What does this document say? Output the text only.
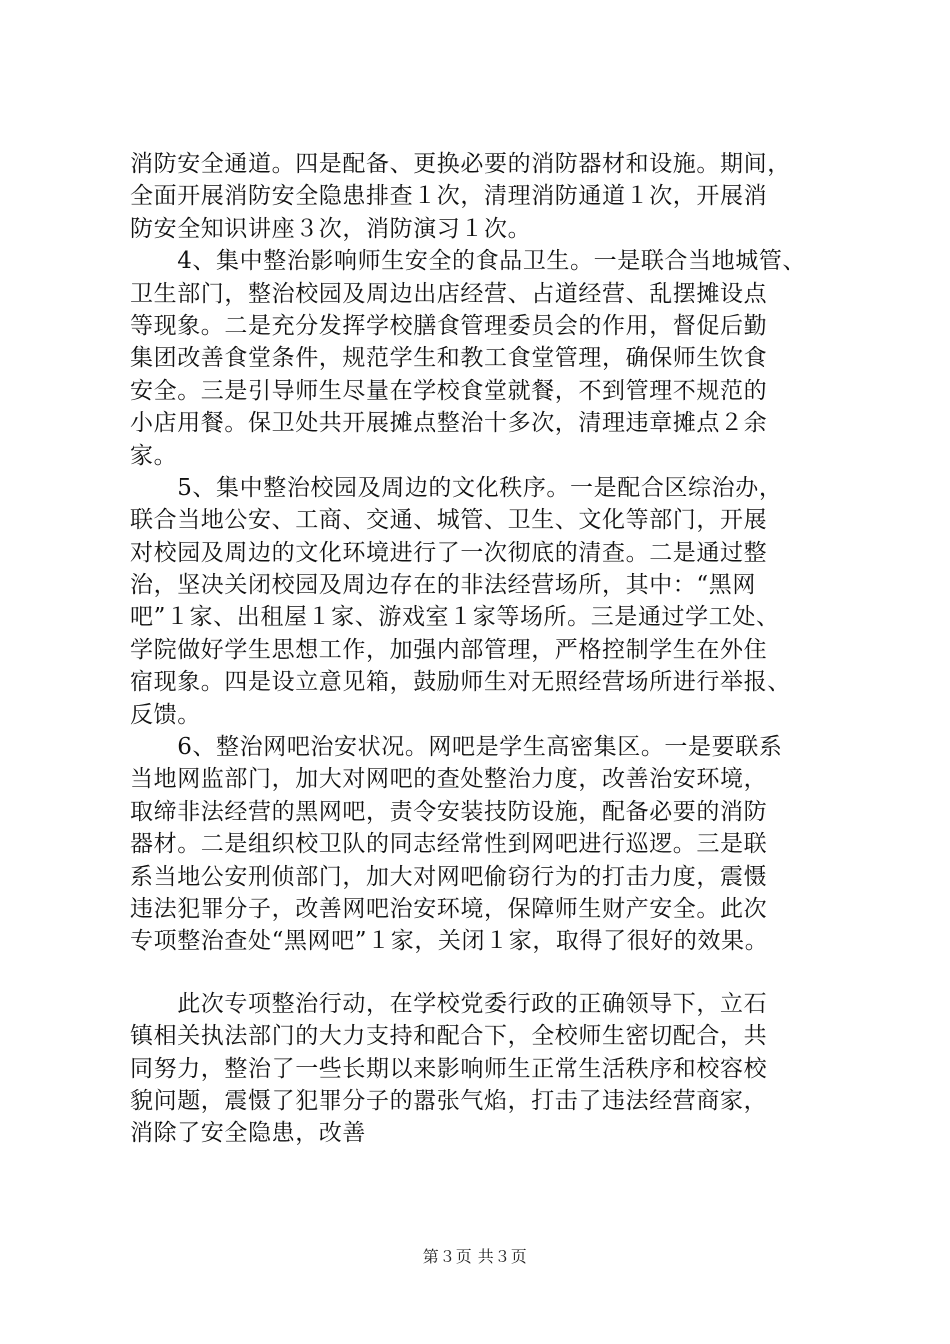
消防安全通道。四是配备、更换必要的消防器材和设施。期间，
全面开展消防安全隐患排查１次，清理消防通道１次，开展消
防安全知识讲座３次，消防演习１次。
　　4、集中整治影响师生安全的食品卫生。一是联合当地城管、
卫生部门，整治校园及周边出店经营、占道经营、乱摆摊设点
等现象。二是充分发挥学校膳食管理委员会的作用，督促后勤
集团改善食堂条件，规范学生和教工食堂管理，确保师生饮食
安全。三是引导师生尽量在学校食堂就餐，不到管理不规范的
小店用餐。保卫处共开展摊点整治十多次，清理违章摊点２余
家。
　　5、集中整治校园及周边的文化秩序。一是配合区综治办，
联合当地公安、工商、交通、城管、卫生、文化等部门，开展
对校园及周边的文化环境进行了一次彻底的清查。二是通过整
治，坚决关闭校园及周边存在的非法经营场所，其中：“黑网
吧”１家、出租屋１家、游戏室１家等场所。三是通过学工处、
学院做好学生思想工作，加强内部管理，严格控制学生在外住
宿现象。四是设立意见箱，鼓励师生对无照经营场所进行举报、
反馈。
　　6、整治网吧治安状况。网吧是学生高密集区。一是要联系
当地网监部门，加大对网吧的查处整治力度，改善治安环境，
取缔非法经营的黑网吧，责令安装技防设施，配备必要的消防
器材。二是组织校卫队的同志经常性到网吧进行巡逻。三是联
系当地公安刑侦部门，加大对网吧偷窃行为的打击力度，震慑
违法犯罪分子，改善网吧治安环境，保障师生财产安全。此次
专项整治查处“黑网吧”１家，关闭１家，取得了很好的效果。
　　此次专项整治行动，在学校党委行政的正确领导下，立石
镇相关执法部门的大力支持和配合下，全校师生密切配合，共
同努力，整治了一些长期以来影响师生正常生活秩序和校容校
貌问题，震慑了犯罪分子的嚣张气焰，打击了违法经营商家，
消除了安全隐患，改善
第３页 共３页
